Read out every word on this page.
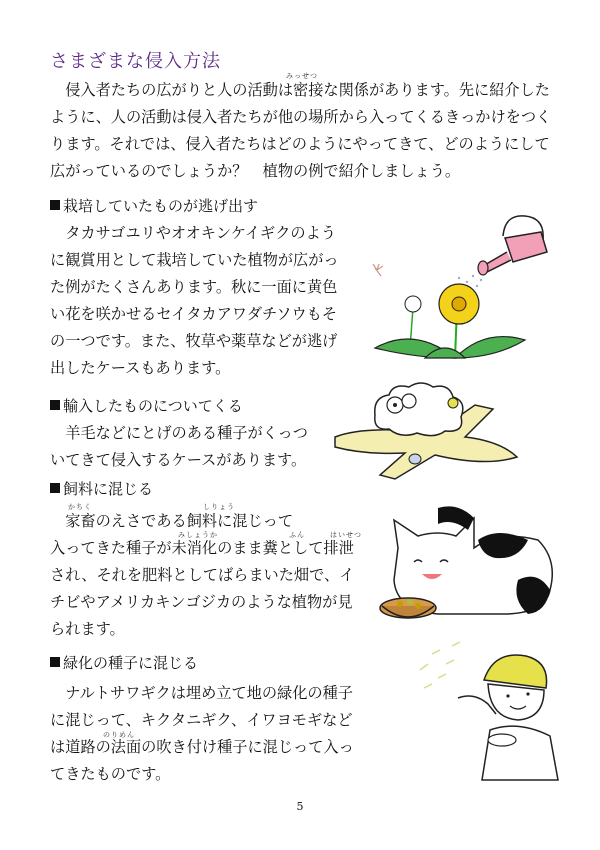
さまざまな侵入方法
みっせつ
　侵入者たちの広がりと人の活動は密接な関係があります。先に紹介した
ように、人の活動は侵入者たちが他の場所から入ってくるきっかけをつく
ります。それでは、侵入者たちはどのようにやってきて、どのようにして
広がっているのでしょうか？　植物の例で紹介しましょう。
栽培していたものが逃げ出す
　タカサゴユリやオオキンケイギクのよう
に観賞用として栽培していた植物が広がっ
た例がたくさんあります。秋に一面に黄色
い花を咲かせるセイタカアワダチソウもそ
の一つです。また、牧草や薬草などが逃げ
出したケースもあります。
輸入したものについてくる
　羊毛などにとげのある種子がくっつ
いてきて侵入するケースがあります。
飼料に混じる
かちく	しりょう
みしょうか	ふん	はいせつ
　家畜のえさである飼料に混じって
入ってきた種子が未消化のまま糞として排泄
され、それを肥料としてばらまいた畑で、イ
チビやアメリカキンゴジカのような植物が見
られます。
緑化の種子に混じる
のりめん
　ナルトサワギクは埋め立て地の緑化の種子
に混じって、キクタニギク、イワヨモギなど
は道路の法面の吹き付け種子に混じって入っ
てきたものです。
5
